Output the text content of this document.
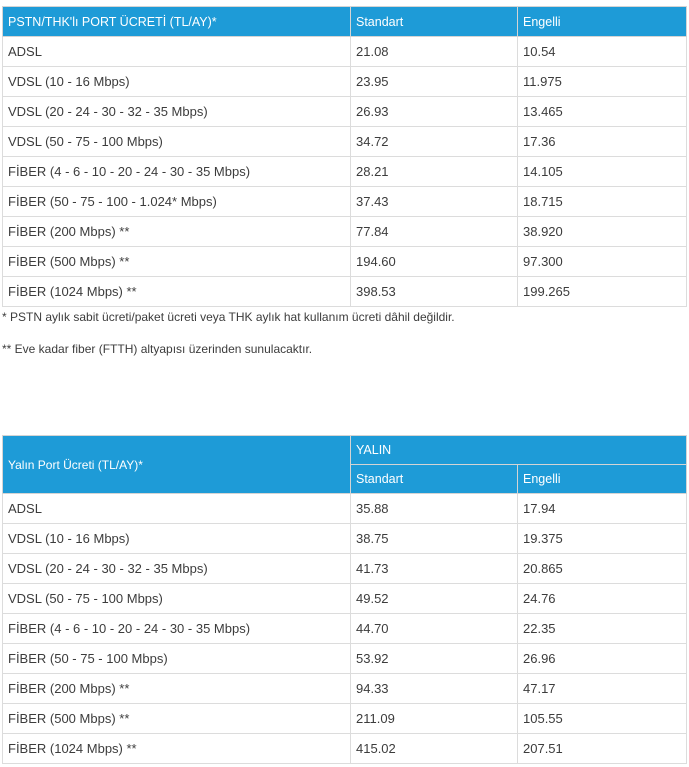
PSTN/THK'lı PORT ÜCRETİ (TL/AY)*	Standart	Engelli
ADSL	21.08	10.54
VDSL (10 - 16 Mbps)	23.95	11.975
VDSL (20 - 24 - 30 - 32 - 35 Mbps)	26.93	13.465
VDSL (50 - 75 - 100 Mbps)	34.72	17.36
FİBER (4 - 6 - 10 - 20 - 24 - 30 - 35 Mbps)	28.21	14.105
FİBER (50 - 75 - 100 - 1.024* Mbps)	37.43	18.715
FİBER (200 Mbps) **	77.84	38.920
FİBER (500 Mbps) **	194.60	97.300
FİBER (1024 Mbps) **	398.53	199.265
* PSTN aylık sabit ücreti/paket ücreti veya THK aylık hat kullanım ücreti dâhil değildir.
** Eve kadar fiber (FTTH) altyapısı üzerinden sunulacaktır.
Yalın Port Ücreti (TL/AY)*	YALIN	
	Standart	Engelli
ADSL	35.88	17.94
VDSL (10 - 16 Mbps)	38.75	19.375
VDSL (20 - 24 - 30 - 32 - 35 Mbps)	41.73	20.865
VDSL (50 - 75 - 100 Mbps)	49.52	24.76
FİBER (4 - 6 - 10 - 20 - 24 - 30 - 35 Mbps)	44.70	22.35
FİBER (50 - 75 - 100 Mbps)	53.92	26.96
FİBER (200 Mbps) **	94.33	47.17
FİBER (500 Mbps) **	211.09	105.55
FİBER (1024 Mbps) **	415.02	207.51
